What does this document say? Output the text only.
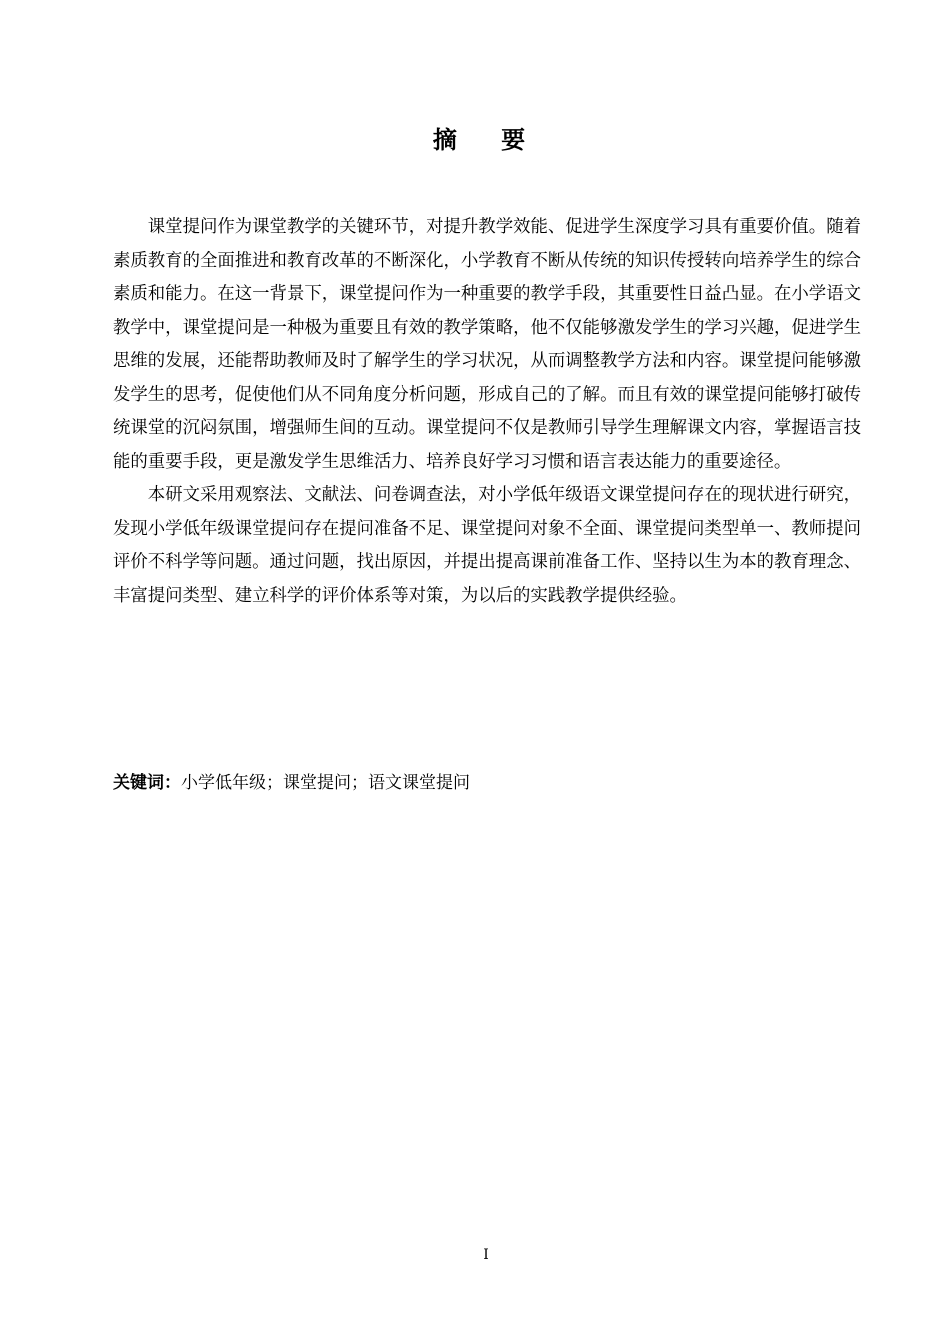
摘 要

课堂提问作为课堂教学的关键环节，对提升教学效能、促进学生深度学习具有重要价值。随着素质教育的全面推进和教育改革的不断深化，小学教育不断从传统的知识传授转向培养学生的综合素质和能力。在这一背景下，课堂提问作为一种重要的教学手段，其重要性日益凸显。在小学语文教学中，课堂提问是一种极为重要且有效的教学策略，他不仅能够激发学生的学习兴趣，促进学生思维的发展，还能帮助教师及时了解学生的学习状况，从而调整教学方法和内容。课堂提问能够激发学生的思考，促使他们从不同角度分析问题，形成自己的了解。而且有效的课堂提问能够打破传统课堂的沉闷氛围，增强师生间的互动。课堂提问不仅是教师引导学生理解课文内容，掌握语言技能的重要手段，更是激发学生思维活力、培养良好学习习惯和语言表达能力的重要途径。

本研文采用观察法、文献法、问卷调查法，对小学低年级语文课堂提问存在的现状进行研究，发现小学低年级课堂提问存在提问准备不足、课堂提问对象不全面、课堂提问类型单一、教师提问评价不科学等问题。通过问题，找出原因，并提出提高课前准备工作、坚持以生为本的教育理念、丰富提问类型、建立科学的评价体系等对策，为以后的实践教学提供经验。

关键词：小学低年级；课堂提问；语文课堂提问
I
